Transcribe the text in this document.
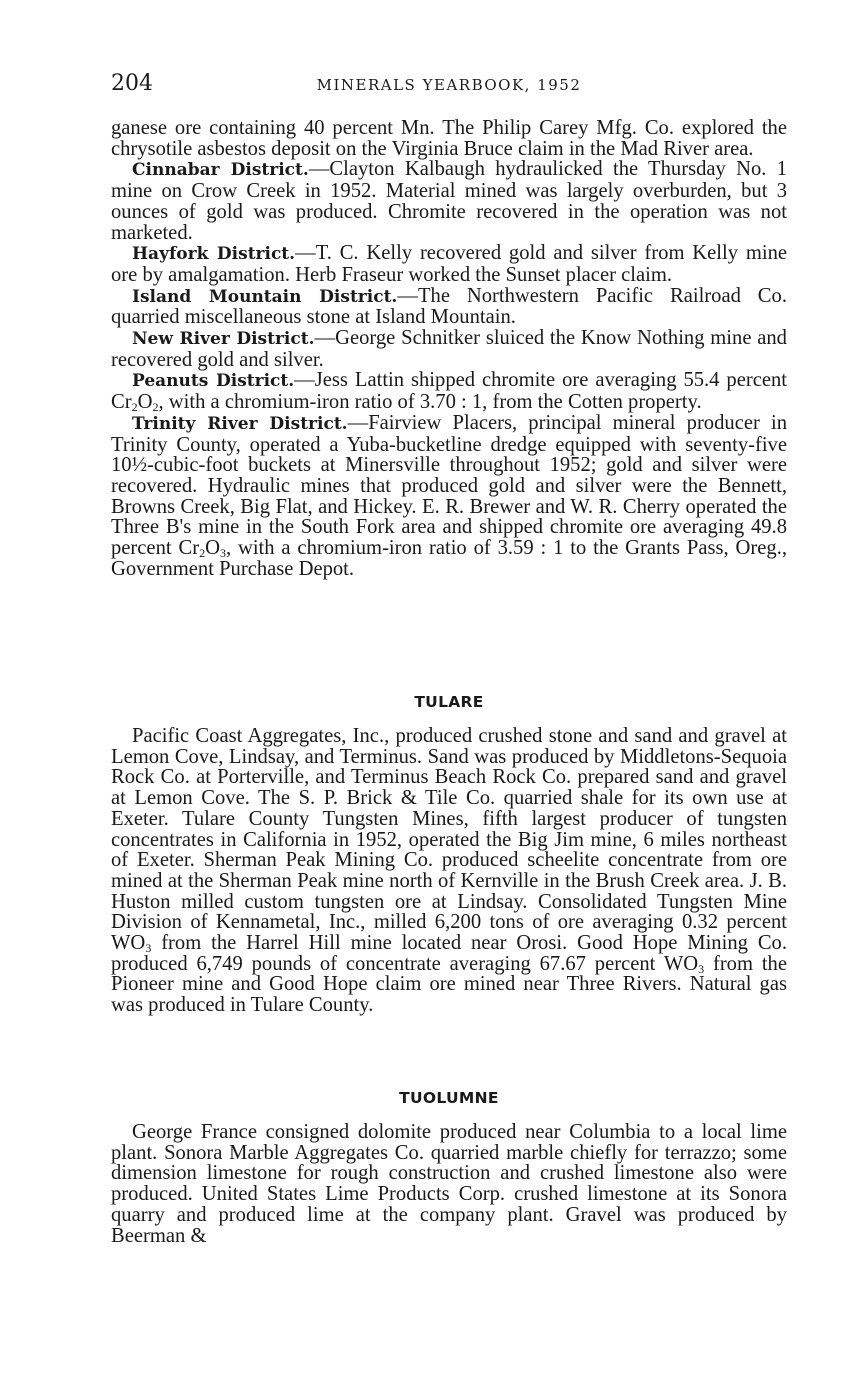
204	MINERALS YEARBOOK, 1952

ganese ore containing 40 percent Mn. The Philip Carey Mfg. Co. explored the chrysotile asbestos deposit on the Virginia Bruce claim in the Mad River area.

Cinnabar District.—Clayton Kalbaugh hydraulicked the Thursday No. 1 mine on Crow Creek in 1952. Material mined was largely overburden, but 3 ounces of gold was produced. Chromite recovered in the operation was not marketed.

Hayfork District.—T. C. Kelly recovered gold and silver from Kelly mine ore by amalgamation. Herb Fraseur worked the Sunset placer claim.

Island Mountain District.—The Northwestern Pacific Railroad Co. quarried miscellaneous stone at Island Mountain.

New River District.—George Schnitker sluiced the Know Nothing mine and recovered gold and silver.

Peanuts District.—Jess Lattin shipped chromite ore averaging 55.4 percent $Cr_2O_2$, with a chromium-iron ratio of 3.70 : 1, from the Cotten property.

Trinity River District.—Fairview Placers, principal mineral producer in Trinity County, operated a Yuba-bucketline dredge equipped with seventy-five 10½-cubic-foot buckets at Minersville throughout 1952; gold and silver were recovered. Hydraulic mines that produced gold and silver were the Bennett, Browns Creek, Big Flat, and Hickey. E. R. Brewer and W. R. Cherry operated the Three B's mine in the South Fork area and shipped chromite ore averaging 49.8 percent $Cr_2O_3$, with a chromium-iron ratio of 3.59 : 1 to the Grants Pass, Oreg., Government Purchase Depot.

TULARE

Pacific Coast Aggregates, Inc., produced crushed stone and sand and gravel at Lemon Cove, Lindsay, and Terminus. Sand was produced by Middletons-Sequoia Rock Co. at Porterville, and Terminus Beach Rock Co. prepared sand and gravel at Lemon Cove. The S. P. Brick & Tile Co. quarried shale for its own use at Exeter. Tulare County Tungsten Mines, fifth largest producer of tungsten concentrates in California in 1952, operated the Big Jim mine, 6 miles northeast of Exeter. Sherman Peak Mining Co. produced scheelite concentrate from ore mined at the Sherman Peak mine north of Kernville in the Brush Creek area. J. B. Huston milled custom tungsten ore at Lindsay. Consolidated Tungsten Mine Division of Kennametal, Inc., milled 6,200 tons of ore averaging 0.32 percent $WO_3$ from the Harrel Hill mine located near Orosi. Good Hope Mining Co. produced 6,749 pounds of concentrate averaging 67.67 percent $WO_3$ from the Pioneer mine and Good Hope claim ore mined near Three Rivers. Natural gas was produced in Tulare County.

TUOLUMNE

George France consigned dolomite produced near Columbia to a local lime plant. Sonora Marble Aggregates Co. quarried marble chiefly for terrazzo; some dimension limestone for rough construction and crushed limestone also were produced. United States Lime Products Corp. crushed limestone at its Sonora quarry and produced lime at the company plant. Gravel was produced by Beerman &
